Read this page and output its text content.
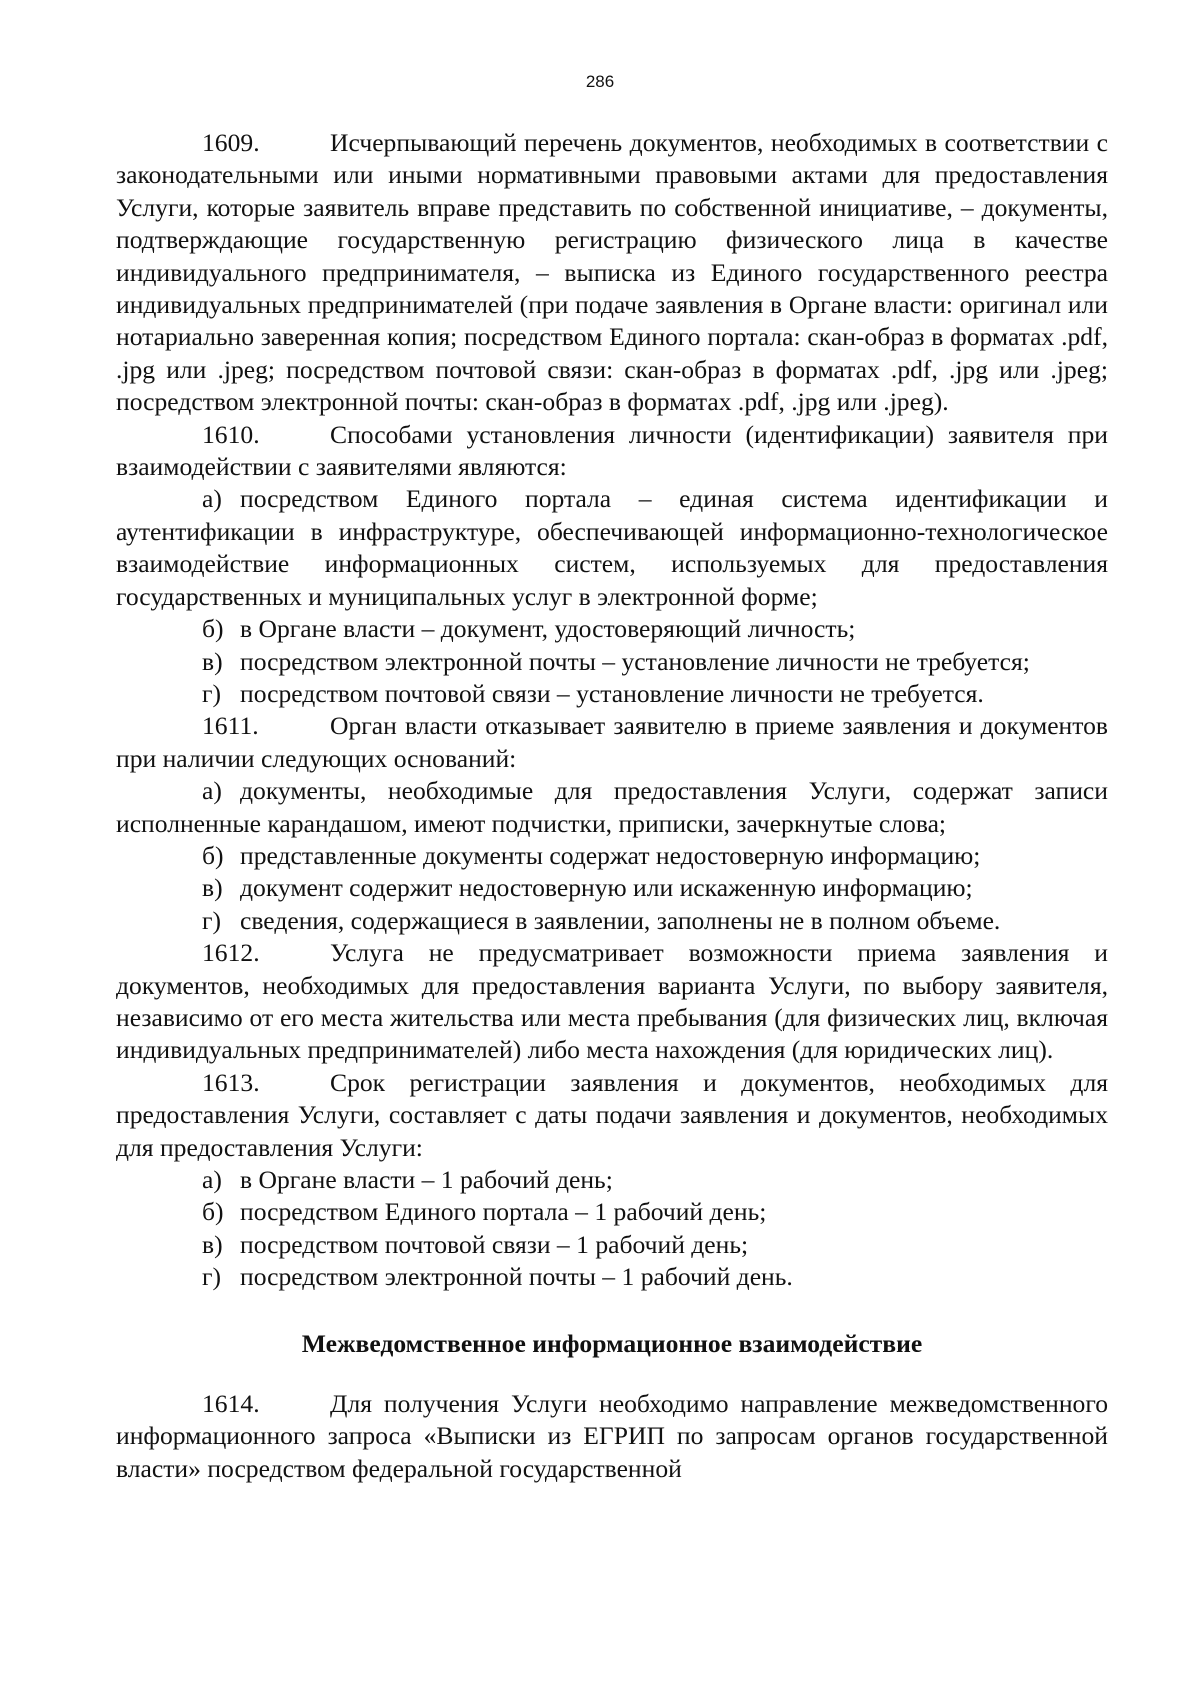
286

1609.	Исчерпывающий перечень документов, необходимых в соответствии с законодательными или иными нормативными правовыми актами для предоставления Услуги, которые заявитель вправе представить по собственной инициативе, – документы, подтверждающие государственную регистрацию физического лица в качестве индивидуального предпринимателя, – выписка из Единого государственного реестра индивидуальных предпринимателей (при подаче заявления в Органе власти: оригинал или нотариально заверенная копия; посредством Единого портала: скан-образ в форматах .pdf, .jpg или .jpeg; посредством почтовой связи: скан-образ в форматах .pdf, .jpg или .jpeg; посредством электронной почты: скан-образ в форматах .pdf, .jpg или .jpeg).

1610.	Способами установления личности (идентификации) заявителя при взаимодействии с заявителями являются:

а) посредством Единого портала – единая система идентификации и аутентификации в инфраструктуре, обеспечивающей информационно-технологическое взаимодействие информационных систем, используемых для предоставления государственных и муниципальных услуг в электронной форме;

б) в Органе власти – документ, удостоверяющий личность;

в) посредством электронной почты – установление личности не требуется;

г) посредством почтовой связи – установление личности не требуется.

1611.	Орган власти отказывает заявителю в приеме заявления и документов при наличии следующих оснований:

а) документы, необходимые для предоставления Услуги, содержат записи исполненные карандашом, имеют подчистки, приписки, зачеркнутые слова;

б) представленные документы содержат недостоверную информацию;

в) документ содержит недостоверную или искаженную информацию;

г) сведения, содержащиеся в заявлении, заполнены не в полном объеме.

1612.	Услуга не предусматривает возможности приема заявления и документов, необходимых для предоставления варианта Услуги, по выбору заявителя, независимо от его места жительства или места пребывания (для физических лиц, включая индивидуальных предпринимателей) либо места нахождения (для юридических лиц).

1613.	Срок регистрации заявления и документов, необходимых для предоставления Услуги, составляет с даты подачи заявления и документов, необходимых для предоставления Услуги:

а) в Органе власти – 1 рабочий день;

б) посредством Единого портала – 1 рабочий день;

в) посредством почтовой связи – 1 рабочий день;

г) посредством электронной почты – 1 рабочий день.

Межведомственное информационное взаимодействие

1614.	Для получения Услуги необходимо направление межведомственного информационного запроса «Выписки из ЕГРИП по запросам органов государственной власти» посредством федеральной государственной
